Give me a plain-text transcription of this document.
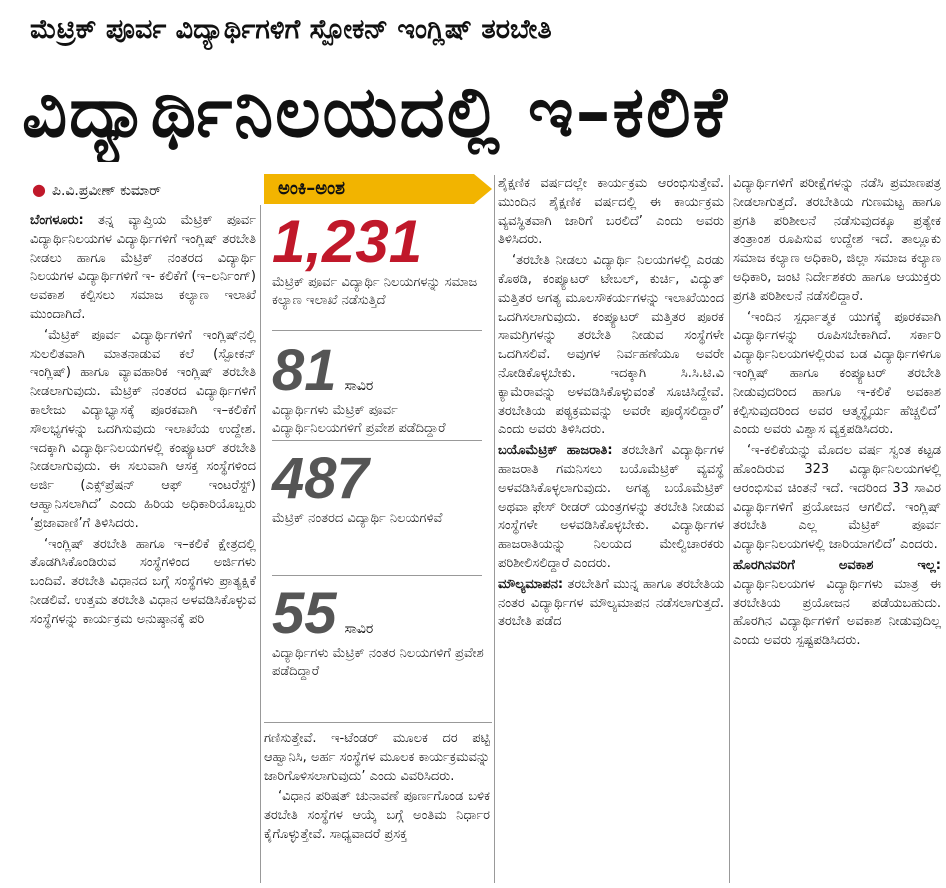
ಮೆಟ್ರಿಕ್ ಪೂರ್ವ ವಿದ್ಯಾರ್ಥಿಗಳಿಗೆ ಸ್ಪೋಕನ್ ಇಂಗ್ಲಿಷ್ ತರಬೇತಿ
ವಿದ್ಯಾರ್ಥಿನಿಲಯದಲ್ಲಿ ಇ–ಕಲಿಕೆ
● ಪಿ.ವಿ.ಪ್ರವೀಣ್ ಕುಮಾರ್

ಬೆಂಗಳೂರು: ತನ್ನ ವ್ಯಾಪ್ತಿಯ ಮೆಟ್ರಿಕ್ ಪೂರ್ವ ವಿದ್ಯಾರ್ಥಿನಿಲಯಗಳ ವಿದ್ಯಾರ್ಥಿಗಳಿಗೆ ಇಂಗ್ಲಿಷ್ ತರಬೇತಿ ನೀಡಲು ಹಾಗೂ ಮೆಟ್ರಿಕ್ ನಂತರದ ವಿದ್ಯಾರ್ಥಿ ನಿಲಯಗಳ ವಿದ್ಯಾರ್ಥಿಗಳಿಗೆ ಇ- ಕಲಿಕೆಗೆ (ಇ–ಲರ್ನಿಂಗ್) ಅವಕಾಶ ಕಲ್ಪಿಸಲು ಸಮಾಜ ಕಲ್ಯಾಣ ಇಲಾಖೆ ಮುಂದಾಗಿದೆ.

‘ಮೆಟ್ರಿಕ್ ಪೂರ್ವ ವಿದ್ಯಾರ್ಥಿಗಳಿಗೆ ಇಂಗ್ಲಿಷ್‌ನಲ್ಲಿ ಸುಲಲಿತವಾಗಿ ಮಾತನಾಡುವ ಕಲೆ (ಸ್ಪೋಕನ್ ಇಂಗ್ಲಿಷ್) ಹಾಗೂ ವ್ಯಾವಹಾರಿಕ ಇಂಗ್ಲಿಷ್ ತರಬೇತಿ ನೀಡಲಾಗುವುದು. ಮೆಟ್ರಿಕ್ ನಂತರದ ವಿದ್ಯಾರ್ಥಿಗಳಿಗೆ ಕಾಲೇಜು ವಿದ್ಯಾಭ್ಯಾಸಕ್ಕೆ ಪೂರಕವಾಗಿ ಇ–ಕಲಿಕೆಗೆ ಸೌಲಭ್ಯಗಳನ್ನು ಒದಗಿಸುವುದು ಇಲಾಖೆಯ ಉದ್ದೇಶ. ಇದಕ್ಕಾಗಿ ವಿದ್ಯಾರ್ಥಿನಿಲಯಗಳಲ್ಲಿ ಕಂಪ್ಯೂಟರ್ ತರಬೇತಿ ನೀಡಲಾಗುವುದು. ಈ ಸಲುವಾಗಿ ಆಸಕ್ತ ಸಂಸ್ಥೆಗಳಿಂದ ಅರ್ಜಿ (ಎಕ್ಸ್‌ಪ್ರೆಷನ್ ಆಫ್ ಇಂಟರೆಸ್ಟ್) ಆಹ್ವಾನಿಸಲಾಗಿದೆ’ ಎಂದು ಹಿರಿಯ ಅಧಿಕಾರಿಯೊಬ್ಬರು ‘ಪ್ರಜಾವಾಣಿ’ಗೆ ತಿಳಿಸಿದರು.

‘ಇಂಗ್ಲಿಷ್ ತರಬೇತಿ ಹಾಗೂ ಇ–ಕಲಿಕೆ ಕ್ಷೇತ್ರದಲ್ಲಿ ತೊಡಗಿಸಿಕೊಂಡಿರುವ ಸಂಸ್ಥೆಗಳಿಂದ ಅರ್ಜಿಗಳು ಬಂದಿವೆ. ತರಬೇತಿ ವಿಧಾನದ ಬಗ್ಗೆ ಸಂಸ್ಥೆಗಳು ಪ್ರಾತ್ಯಕ್ಷಿಕೆ ನೀಡಲಿವೆ. ಉತ್ತಮ ತರಬೇತಿ ವಿಧಾನ ಅಳವಡಿಸಿಕೊಳ್ಳುವ ಸಂಸ್ಥೆಗಳನ್ನು ಕಾರ್ಯಕ್ರಮ ಅನುಷ್ಠಾನಕ್ಕೆ ಪರಿ

ಅಂಕಿ–ಅಂಶ
1,231
ಮೆಟ್ರಿಕ್ ಪೂರ್ವ ವಿದ್ಯಾರ್ಥಿ ನಿಲಯಗಳನ್ನು ಸಮಾಜ ಕಲ್ಯಾಣ ಇಲಾಖೆ ನಡೆಸುತ್ತಿದೆ
81 ಸಾವಿರ
ವಿದ್ಯಾರ್ಥಿಗಳು ಮೆಟ್ರಿಕ್ ಪೂರ್ವ ವಿದ್ಯಾರ್ಥಿನಿಲಯಗಳಿಗೆ ಪ್ರವೇಶ ಪಡೆದಿದ್ದಾರೆ
487
ಮೆಟ್ರಿಕ್ ನಂತರದ ವಿದ್ಯಾರ್ಥಿ ನಿಲಯಗಳಿವೆ
55 ಸಾವಿರ
ವಿದ್ಯಾರ್ಥಿಗಳು ಮೆಟ್ರಿಕ್ ನಂತರ ನಿಲಯಗಳಿಗೆ ಪ್ರವೇಶ ಪಡೆದಿದ್ದಾರೆ

ಗಣಿಸುತ್ತೇವೆ. ಇ-ಟೆಂಡರ್ ಮೂಲಕ ದರ ಪಟ್ಟಿ ಆಹ್ವಾನಿಸಿ, ಅರ್ಹ ಸಂಸ್ಥೆಗಳ ಮೂಲಕ ಕಾರ್ಯಕ್ರಮವನ್ನು ಜಾರಿಗೊಳಿಸಲಾಗುವುದು’ ಎಂದು ವಿವರಿಸಿದರು.

‘ವಿಧಾನ ಪರಿಷತ್ ಚುನಾವಣೆ ಪೂರ್ಣಗೊಂಡ ಬಳಿಕ ತರಬೇತಿ ಸಂಸ್ಥೆಗಳ ಆಯ್ಕೆ ಬಗ್ಗೆ ಅಂತಿಮ ನಿರ್ಧಾರ ಕೈಗೊಳ್ಳುತ್ತೇವೆ. ಸಾಧ್ಯವಾದರೆ ಪ್ರಸಕ್ತ

ಶೈಕ್ಷಣಿಕ ವರ್ಷದಲ್ಲೇ ಕಾರ್ಯಕ್ರಮ ಆರಂಭಿಸುತ್ತೇವೆ. ಮುಂದಿನ ಶೈಕ್ಷಣಿಕ ವರ್ಷದಲ್ಲಿ ಈ ಕಾರ್ಯಕ್ರಮ ವ್ಯವಸ್ಥಿತವಾಗಿ ಜಾರಿಗೆ ಬರಲಿದೆ’ ಎಂದು ಅವರು ತಿಳಿಸಿದರು.

‘ತರಬೇತಿ ನೀಡಲು ವಿದ್ಯಾರ್ಥಿ ನಿಲಯಗಳಲ್ಲಿ ಎರಡು ಕೊಠಡಿ, ಕಂಪ್ಯೂಟರ್ ಟೇಬಲ್, ಕುರ್ಚಿ, ವಿದ್ಯುತ್ ಮತ್ತಿತರ ಅಗತ್ಯ ಮೂಲಸೌಕರ್ಯಗಳನ್ನು ಇಲಾಖೆಯಿಂದ ಒದಗಿಸಲಾಗುವುದು. ಕಂಪ್ಯೂಟರ್ ಮತ್ತಿತರ ಪೂರಕ ಸಾಮಗ್ರಿಗಳನ್ನು ತರಬೇತಿ ನೀಡುವ ಸಂಸ್ಥೆಗಳೇ ಒದಗಿಸಲಿವೆ. ಅವುಗಳ ನಿರ್ವಹಣೆಯೂ ಅವರೇ ನೋಡಿಕೊಳ್ಳಬೇಕು. ಇದಕ್ಕಾಗಿ ಸಿ.ಸಿ.ಟಿ.ವಿ ಕ್ಯಾಮೆರಾವನ್ನು ಅಳವಡಿಸಿಕೊಳ್ಳುವಂತೆ ಸೂಚಿಸಿದ್ದೇವೆ. ತರಬೇತಿಯ ಪಠ್ಯಕ್ರಮವನ್ನು ಅವರೇ ಪೂರೈಸಲಿದ್ದಾರೆ’ ಎಂದು ಅವರು ತಿಳಿಸಿದರು.

ಬಯೊಮೆಟ್ರಿಕ್ ಹಾಜರಾತಿ: ತರಬೇತಿಗೆ ವಿದ್ಯಾರ್ಥಿಗಳ ಹಾಜರಾತಿ ಗಮನಿಸಲು ಬಯೊಮೆಟ್ರಿಕ್ ವ್ಯವಸ್ಥೆ ಅಳವಡಿಸಿಕೊಳ್ಳಲಾಗುವುದು. ಅಗತ್ಯ ಬಯೊಮೆಟ್ರಿಕ್ ಅಥವಾ ಫೇಸ್ ರೀಡರ್ ಯಂತ್ರಗಳನ್ನು ತರಬೇತಿ ನೀಡುವ ಸಂಸ್ಥೆಗಳೇ ಅಳವಡಿಸಿಕೊಳ್ಳಬೇಕು. ವಿದ್ಯಾರ್ಥಿಗಳ ಹಾಜರಾತಿಯನ್ನು ನಿಲಯದ ಮೇಲ್ವಿಚಾರಕರು ಪರಿಶೀಲಿಸಲಿದ್ದಾರೆ ಎಂದರು.

ಮೌಲ್ಯಮಾಪನ: ತರಬೇತಿಗೆ ಮುನ್ನ ಹಾಗೂ ತರಬೇತಿಯ ನಂತರ ವಿದ್ಯಾರ್ಥಿಗಳ ಮೌಲ್ಯಮಾಪನ ನಡೆಸಲಾಗುತ್ತದೆ. ತರಬೇತಿ ಪಡೆದ

ವಿದ್ಯಾರ್ಥಿಗಳಿಗೆ ಪರೀಕ್ಷೆಗಳನ್ನು ನಡೆಸಿ ಪ್ರಮಾಣಪತ್ರ ನೀಡಲಾಗುತ್ತದೆ. ತರಬೇತಿಯ ಗುಣಮಟ್ಟ ಹಾಗೂ ಪ್ರಗತಿ ಪರಿಶೀಲನೆ ನಡೆಸುವುದಕ್ಕೂ ಪ್ರತ್ಯೇಕ ತಂತ್ರಾಂಶ ರೂಪಿಸುವ ಉದ್ದೇಶ ಇದೆ. ತಾಲ್ಲೂಕು ಸಮಾಜ ಕಲ್ಯಾಣ ಅಧಿಕಾರಿ, ಜಿಲ್ಲಾ ಸಮಾಜ ಕಲ್ಯಾಣ ಅಧಿಕಾರಿ, ಜಂಟಿ ನಿರ್ದೇಶಕರು ಹಾಗೂ ಆಯುಕ್ತರು ಪ್ರಗತಿ ಪರಿಶೀಲನೆ ನಡೆಸಲಿದ್ದಾರೆ.

‘ಇಂದಿನ ಸ್ಪರ್ಧಾತ್ಮಕ ಯುಗಕ್ಕೆ ಪೂರಕವಾಗಿ ವಿದ್ಯಾರ್ಥಿಗಳನ್ನು ರೂಪಿಸಬೇಕಾಗಿದೆ. ಸರ್ಕಾರಿ ವಿದ್ಯಾರ್ಥಿನಿಲಯಗಳಲ್ಲಿರುವ ಬಡ ವಿದ್ಯಾರ್ಥಿಗಳಿಗೂ ಇಂಗ್ಲಿಷ್ ಹಾಗೂ ಕಂಪ್ಯೂಟರ್ ತರಬೇತಿ ನೀಡುವುದರಿಂದ ಹಾಗೂ ಇ-ಕಲಿಕೆ ಅವಕಾಶ ಕಲ್ಪಿಸುವುದರಿಂದ ಅವರ ಆತ್ಮಸ್ಥೈರ್ಯ ಹೆಚ್ಚಲಿದೆ’ ಎಂದು ಅವರು ವಿಶ್ವಾಸ ವ್ಯಕ್ತಪಡಿಸಿದರು.

‘ಇ-ಕಲಿಕೆಯನ್ನು ಮೊದಲ ವರ್ಷ ಸ್ವಂತ ಕಟ್ಟಡ ಹೊಂದಿರುವ 323 ವಿದ್ಯಾರ್ಥಿನಿಲಯಗಳಲ್ಲಿ ಆರಂಭಿಸುವ ಚಿಂತನೆ ಇದೆ. ಇದರಿಂದ 33 ಸಾವಿರ ವಿದ್ಯಾರ್ಥಿಗಳಿಗೆ ಪ್ರಯೋಜನ ಆಗಲಿದೆ. ಇಂಗ್ಲಿಷ್ ತರಬೇತಿ ಎಲ್ಲ ಮೆಟ್ರಿಕ್ ಪೂರ್ವ ವಿದ್ಯಾರ್ಥಿನಿಲಯಗಳಲ್ಲಿ ಜಾರಿಯಾಗಲಿದೆ’ ಎಂದರು.

ಹೊರಗಿನವರಿಗೆ ಅವಕಾಶ ಇಲ್ಲ: ವಿದ್ಯಾರ್ಥಿನಿಲಯಗಳ ವಿದ್ಯಾರ್ಥಿಗಳು ಮಾತ್ರ ಈ ತರಬೇತಿಯ ಪ್ರಯೋಜನ ಪಡೆಯಬಹುದು. ಹೊರಗಿನ ವಿದ್ಯಾರ್ಥಿಗಳಿಗೆ ಅವಕಾಶ ನೀಡುವುದಿಲ್ಲ ಎಂದು ಅವರು ಸ್ಪಷ್ಟಪಡಿಸಿದರು.
